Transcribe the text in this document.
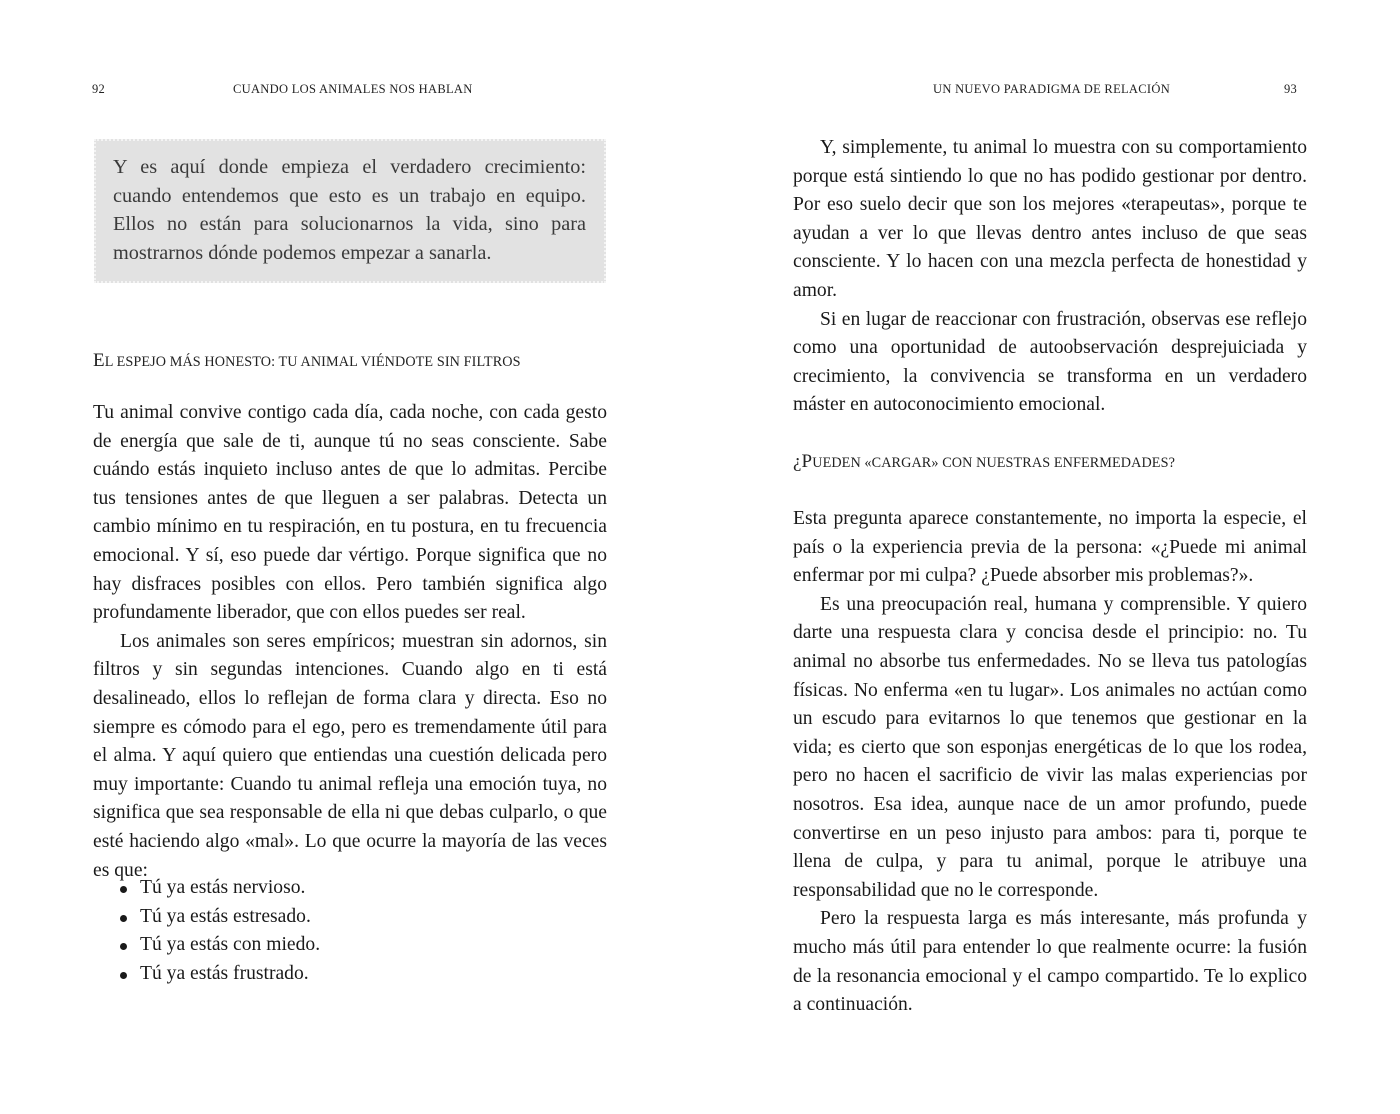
92	CUANDO LOS ANIMALES NOS HABLAN

Y es aquí donde empieza el verdadero crecimiento: cuando entendemos que esto es un trabajo en equipo. Ellos no están para solucionarnos la vida, sino para mostrarnos dónde podemos empezar a sanarla.

EL ESPEJO MÁS HONESTO: TU ANIMAL VIÉNDOTE SIN FILTROS

Tu animal convive contigo cada día, cada noche, con cada gesto de energía que sale de ti, aunque tú no seas consciente. Sabe cuándo estás inquieto incluso antes de que lo admitas. Percibe tus tensiones antes de que lleguen a ser palabras. Detecta un cambio mínimo en tu respiración, en tu postura, en tu frecuencia emocional. Y sí, eso puede dar vértigo. Porque significa que no hay disfraces posibles con ellos. Pero también significa algo profundamente liberador, que con ellos puedes ser real.

Los animales son seres empíricos; muestran sin adornos, sin filtros y sin segundas intenciones. Cuando algo en ti está desalineado, ellos lo reflejan de forma clara y directa. Eso no siempre es cómodo para el ego, pero es tremendamente útil para el alma. Y aquí quiero que entiendas una cuestión delicada pero muy importante: Cuando tu animal refleja una emoción tuya, no significa que sea responsable de ella ni que debas culparlo, o que esté haciendo algo «mal». Lo que ocurre la mayoría de las veces es que:

Tú ya estás nervioso.
Tú ya estás estresado.
Tú ya estás con miedo.
Tú ya estás frustrado.
UN NUEVO PARADIGMA DE RELACIÓN	93

Y, simplemente, tu animal lo muestra con su comportamiento porque está sintiendo lo que no has podido gestionar por dentro. Por eso suelo decir que son los mejores «terapeutas», porque te ayudan a ver lo que llevas dentro antes incluso de que seas consciente. Y lo hacen con una mezcla perfecta de honestidad y amor.

Si en lugar de reaccionar con frustración, observas ese reflejo como una oportunidad de autoobservación desprejuiciada y crecimiento, la convivencia se transforma en un verdadero máster en autoconocimiento emocional.

¿PUEDEN «CARGAR» CON NUESTRAS ENFERMEDADES?

Esta pregunta aparece constantemente, no importa la especie, el país o la experiencia previa de la persona: «¿Puede mi animal enfermar por mi culpa? ¿Puede absorber mis problemas?».

Es una preocupación real, humana y comprensible. Y quiero darte una respuesta clara y concisa desde el principio: no. Tu animal no absorbe tus enfermedades. No se lleva tus patologías físicas. No enferma «en tu lugar». Los animales no actúan como un escudo para evitarnos lo que tenemos que gestionar en la vida; es cierto que son esponjas energéticas de lo que los rodea, pero no hacen el sacrificio de vivir las malas experiencias por nosotros. Esa idea, aunque nace de un amor profundo, puede convertirse en un peso injusto para ambos: para ti, porque te llena de culpa, y para tu animal, porque le atribuye una responsabilidad que no le corresponde.

Pero la respuesta larga es más interesante, más profunda y mucho más útil para entender lo que realmente ocurre: la fusión de la resonancia emocional y el campo compartido. Te lo explico a continuación.
